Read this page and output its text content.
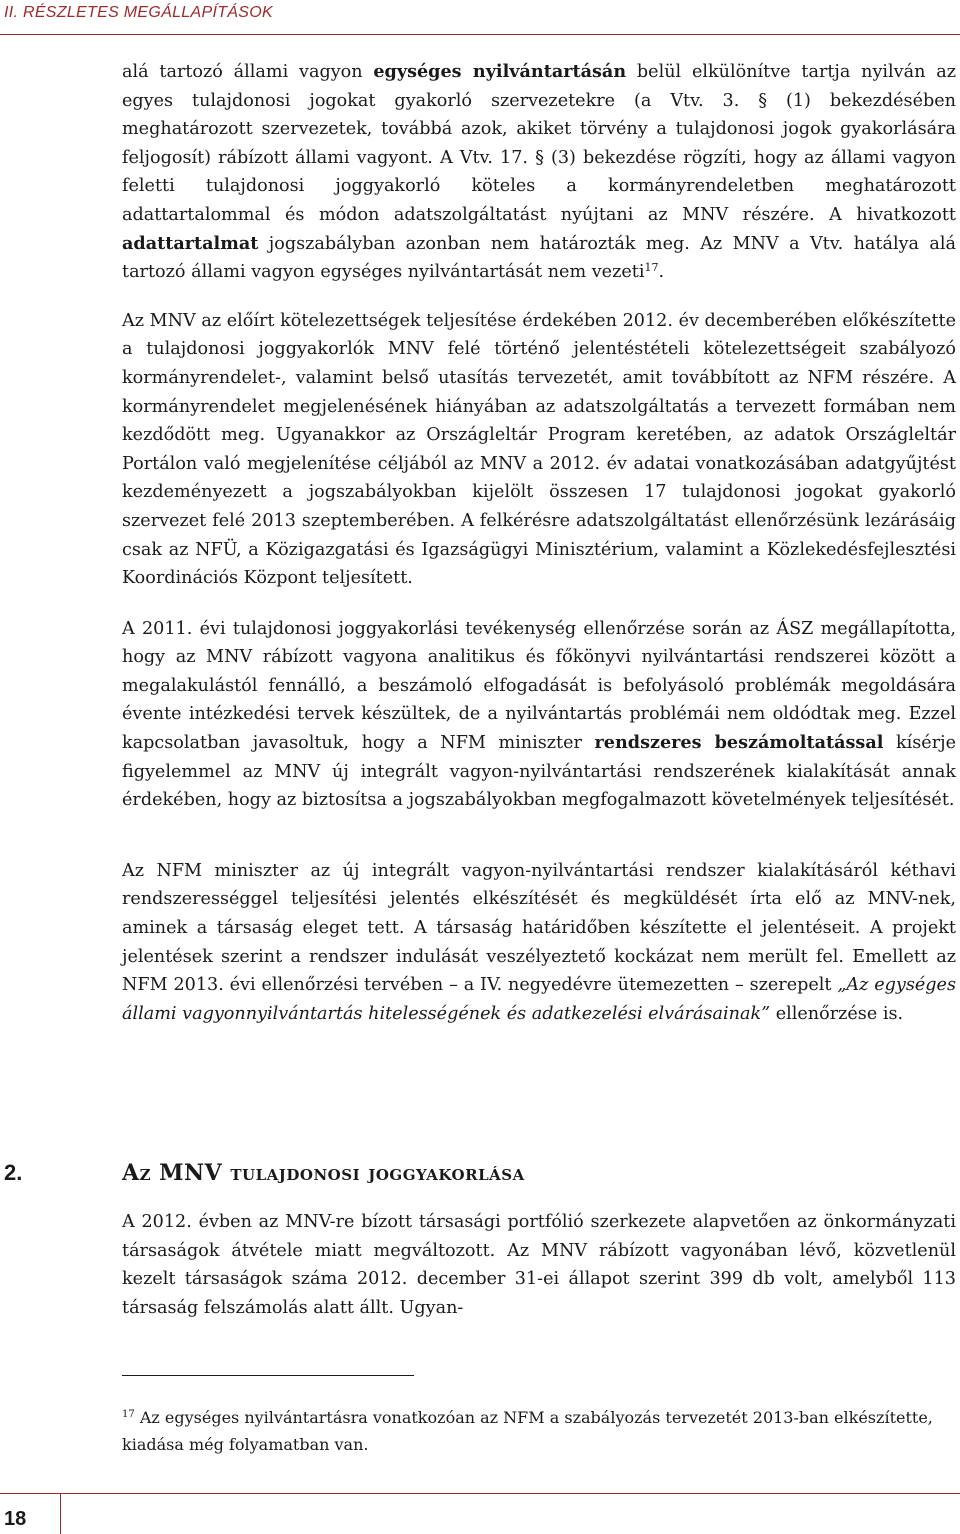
II. RÉSZLETES MEGÁLLAPÍTÁSOK

alá tartozó állami vagyon egységes nyilvántartásán belül elkülönítve tartja nyilván az egyes tulajdonosi jogokat gyakorló szervezetekre (a Vtv. 3. § (1) bekezdésében meghatározott szervezetek, továbbá azok, akiket törvény a tulajdonosi jogok gyakorlására feljogosít) rábízott állami vagyont. A Vtv. 17. § (3) bekezdése rögzíti, hogy az állami vagyon feletti tulajdonosi joggyakorló köteles a kormányrendeletben meghatározott adattartalommal és módon adatszolgáltatást nyújtani az MNV részére. A hivatkozott adattartalmat jogszabályban azonban nem határozták meg. Az MNV a Vtv. hatálya alá tartozó állami vagyon egységes nyilvántartását nem vezeti$^{17}$.

Az MNV az előírt kötelezettségek teljesítése érdekében 2012. év decemberében előkészítette a tulajdonosi joggyakorlók MNV felé történő jelentéstételi kötelezettségeit szabályozó kormányrendelet-, valamint belső utasítás tervezetét, amit továbbított az NFM részére. A kormányrendelet megjelenésének hiányában az adatszolgáltatás a tervezett formában nem kezdődött meg. Ugyanakkor az Országleltár Program keretében, az adatok Országleltár Portálon való megjelenítése céljából az MNV a 2012. év adatai vonatkozásában adatgyűjtést kezdeményezett a jogszabályokban kijelölt összesen 17 tulajdonosi jogokat gyakorló szervezet felé 2013 szeptemberében. A felkérésre adatszolgáltatást ellenőrzésünk lezárásáig csak az NFÜ, a Közigazgatási és Igazságügyi Minisztérium, valamint a Közlekedésfejlesztési Koordinációs Központ teljesített.

A 2011. évi tulajdonosi joggyakorlási tevékenység ellenőrzése során az ÁSZ megállapította, hogy az MNV rábízott vagyona analitikus és főkönyvi nyilvántartási rendszerei között a megalakulástól fennálló, a beszámoló elfogadását is befolyásoló problémák megoldására évente intézkedési tervek készültek, de a nyilvántartás problémái nem oldódtak meg. Ezzel kapcsolatban javasoltuk, hogy a NFM miniszter rendszeres beszámoltatással kísérje figyelemmel az MNV új integrált vagyon-nyilvántartási rendszerének kialakítását annak érdekében, hogy az biztosítsa a jogszabályokban megfogalmazott követelmények teljesítését.

Az NFM miniszter az új integrált vagyon-nyilvántartási rendszer kialakításáról kéthavi rendszerességgel teljesítési jelentés elkészítését és megküldését írta elő az MNV-nek, aminek a társaság eleget tett. A társaság határidőben készítette el jelentéseit. A projekt jelentések szerint a rendszer indulását veszélyeztető kockázat nem merült fel. Emellett az NFM 2013. évi ellenőrzési tervében – a IV. negyedévre ütemezetten – szerepelt „Az egységes állami vagyonnyilvántartás hitelességének és adatkezelési elvárásainak” ellenőrzése is.

2.	Az MNV tulajdonosi joggyakorlása

A 2012. évben az MNV-re bízott társasági portfólió szerkezete alapvetően az önkormányzati társaságok átvétele miatt megváltozott. Az MNV rábízott vagyonában lévő, közvetlenül kezelt társaságok száma 2012. december 31-ei állapot szerint 399 db volt, amelyből 113 társaság felszámolás alatt állt. Ugyan-

$^{17}$ Az egységes nyilvántartásra vonatkozóan az NFM a szabályozás tervezetét 2013-ban elkészítette, kiadása még folyamatban van.
18
